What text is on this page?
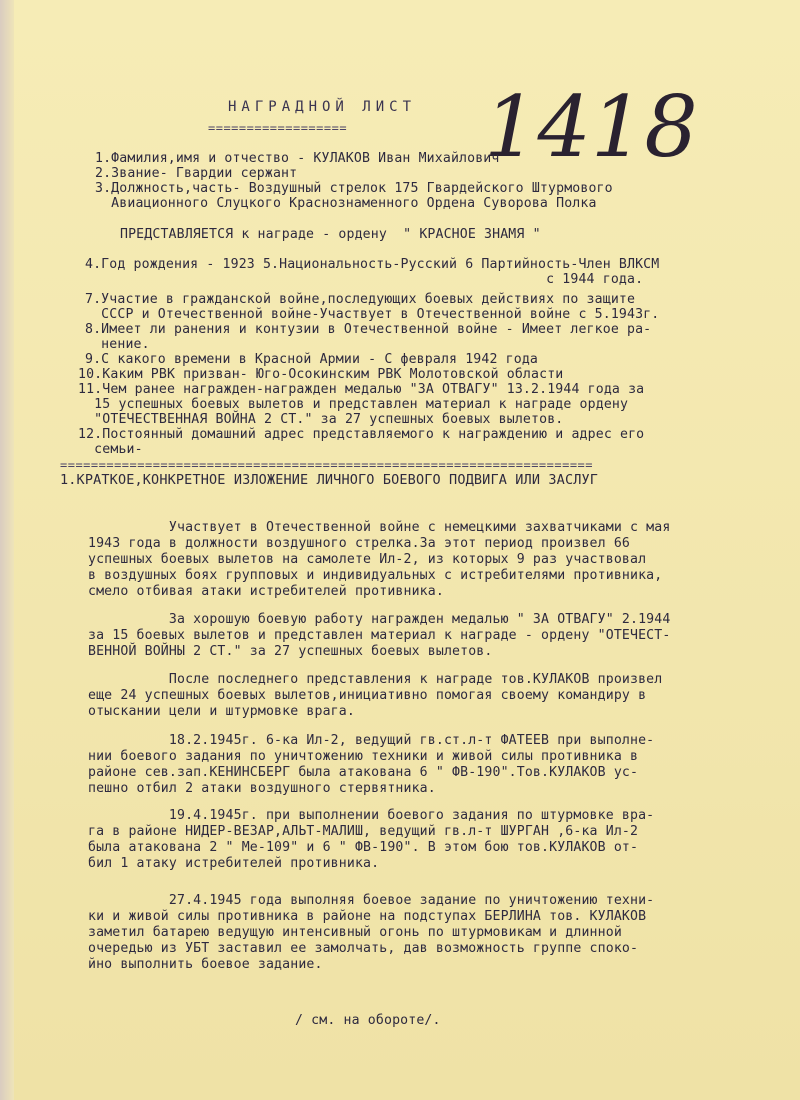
НАГРАДНОЙ ЛИСТ
================== 1418
1.Фамилия,имя и отчество - КУЛАКОВ Иван Михайлович
2.Звание- Гвардии сержант
3.Должность,часть- Воздушный стрелок 175 Гвардейского Штурмового
Авиационного Слуцкого Краснознаменного Ордена Суворова Полка
ПРЕДСТАВЛЯЕТСЯ к награде - ордену  " КРАСНОЕ ЗНАМЯ "
4.Год рождения - 1923 5.Национальность-Русский 6 Партийность-Член ВЛКСМ
с 1944 года.
7.Участие в гражданской войне,последующих боевых действиях по защите
СССР и Отечественной войне-Участвует в Отечественной войне с 5.1943г.
8.Имеет ли ранения и контузии в Отечественной войне - Имеет легкое ра-
нение.
9.С какого времени в Красной Армии - С февраля 1942 года
10.Каким РВК призван- Юго-Осокинским РВК Молотовской области
11.Чем ранее награжден-награжден медалью "ЗА ОТВАГУ" 13.2.1944 года за
15 успешных боевых вылетов и представлен материал к награде ордену
"ОТЕЧЕСТВЕННАЯ ВОЙНА 2 СТ." за 27 успешных боевых вылетов.
12.Постоянный домашний адрес представляемого к награждению и адрес его
семьи-
=====================================================================
1.КРАТКОЕ,КОНКРЕТНОЕ ИЗЛОЖЕНИЕ ЛИЧНОГО БОЕВОГО ПОДВИГА ИЛИ ЗАСЛУГ
Участвует в Отечественной войне с немецкими захватчиками с мая
1943 года в должности воздушного стрелка.За этот период произвел 66
успешных боевых вылетов на самолете Ил-2, из которых 9 раз участвовал
в воздушных боях групповых и индивидуальных с истребителями противника,
смело отбивая атаки истребителей противника.
За хорошую боевую работу награжден медалью " ЗА ОТВАГУ" 2.1944
за 15 боевых вылетов и представлен материал к награде - ордену "ОТЕЧЕСТ-
ВЕННОЙ ВОЙНЫ 2 СТ." за 27 успешных боевых вылетов.
После последнего представления к награде тов.КУЛАКОВ произвел
еще 24 успешных боевых вылетов,инициативно помогая своему командиру в
отыскании цели и штурмовке врага.
18.2.1945г. 6-ка Ил-2, ведущий гв.ст.л-т ФАТЕЕВ при выполне-
нии боевого задания по уничтожению техники и живой силы противника в
районе сев.зап.КЕНИНСБЕРГ была атакована 6 " ФВ-190".Тов.КУЛАКОВ ус-
пешно отбил 2 атаки воздушного стервятника.
19.4.1945г. при выполнении боевого задания по штурмовке вра-
га в районе НИДЕР-ВЕЗАР,АЛЬТ-МАЛИШ, ведущий гв.л-т ШУРГАН ,6-ка Ил-2
была атакована 2 " Ме-109" и 6 " ФВ-190". В этом бою тов.КУЛАКОВ от-
бил 1 атаку истребителей противника.
27.4.1945 года выполняя боевое задание по уничтожению техни-
ки и живой силы противника в районе на подступах БЕРЛИНА тов. КУЛАКОВ
заметил батарею ведущую интенсивный огонь по штурмовикам и длинной
очередью из УБТ заставил ее замолчать, дав возможность группе споко-
йно выполнить боевое задание.
/ см. на обороте/.
